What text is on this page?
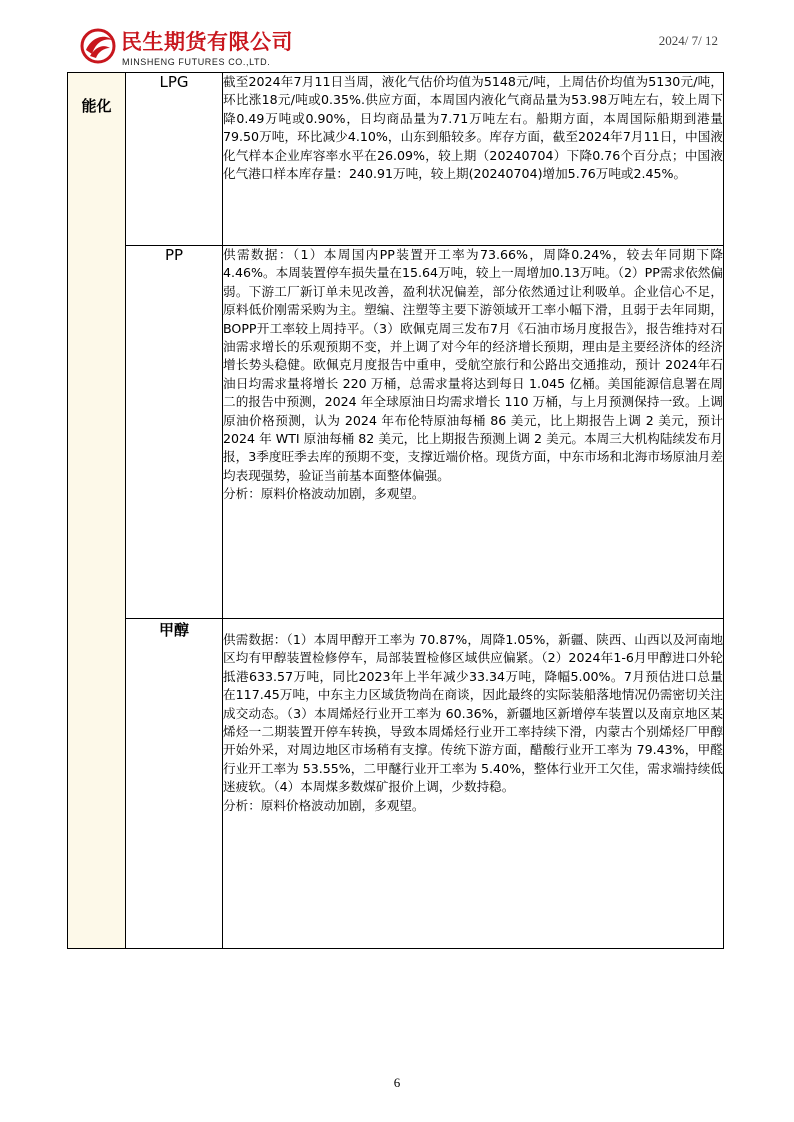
民生期货有限公司
MINSHENG FUTURES CO.,LTD.
2024/ 7/ 12
能化	LPG	截至2024年7月11日当周，液化气估价均值为5148元/吨，上周估价均值为5130元/吨，环比涨18元/吨或0.35%.供应方面，本周国内液化气商品量为53.98万吨左右，较上周下降0.49万吨或0.90%，日均商品量为7.71万吨左右。船期方面，本周国际船期到港量79.50万吨，环比减少4.10%，山东到船较多。库存方面，截至2024年7月11日，中国液化气样本企业库容率水平在26.09%，较上期（20240704）下降0.76个百分点；中国液化气港口样本库存量：240.91万吨，较上期(20240704)增加5.76万吨或2.45%。

	PP	供需数据：（1）本周国内PP装置开工率为73.66%，周降0.24%，较去年同期下降4.46%。本周装置停车损失量在15.64万吨，较上一周增加0.13万吨。（2）PP需求依然偏弱。下游工厂新订单未见改善，盈利状况偏差，部分依然通过让利吸单。企业信心不足，原料低价刚需采购为主。塑编、注塑等主要下游领域开工率小幅下滑，且弱于去年同期，BOPP开工率较上周持平。（3）欧佩克周三发布7月《石油市场月度报告》，报告维持对石油需求增长的乐观预期不变，并上调了对今年的经济增长预期，理由是主要经济体的经济增长势头稳健。欧佩克月度报告中重申，受航空旅行和公路出交通推动，预计 2024年石油日均需求量将增长 220 万桶，总需求量将达到每日 1.045 亿桶。美国能源信息署在周二的报告中预测，2024 年全球原油日均需求增长 110 万桶，与上月预测保持一致。上调原油价格预测，认为 2024 年布伦特原油每桶 86 美元，比上期报告上调 2 美元，预计 2024 年 WTI 原油每桶 82 美元，比上期报告预测上调 2 美元。本周三大机构陆续发布月报，3季度旺季去库的预期不变，支撑近端价格。现货方面，中东市场和北海市场原油月差均表现强势，验证当前基本面整体偏强。

分析：原料价格波动加剧，多观望。

	甲醇	供需数据：（1）本周甲醇开工率为 70.87%，周降1.05%，新疆、陕西、山西以及河南地区均有甲醇装置检修停车，局部装置检修区域供应偏紧。（2）2024年1-6月甲醇进口外轮抵港633.57万吨，同比2023年上半年减少33.34万吨，降幅5.00%。7月预估进口总量在117.45万吨，中东主力区域货物尚在商谈，因此最终的实际装船落地情况仍需密切关注成交动态。（3）本周烯烃行业开工率为 60.36%，新疆地区新增停车装置以及南京地区某烯烃一二期装置开停车转换，导致本周烯烃行业开工率持续下滑，内蒙古个别烯烃厂甲醇开始外采，对周边地区市场稍有支撑。传统下游方面，醋酸行业开工率为 79.43%，甲醛行业开工率为 53.55%，二甲醚行业开工率为 5.40%，整体行业开工欠佳，需求端持续低迷疲软。（4）本周煤多数煤矿报价上调，少数持稳。

分析：原料价格波动加剧，多观望。

6
